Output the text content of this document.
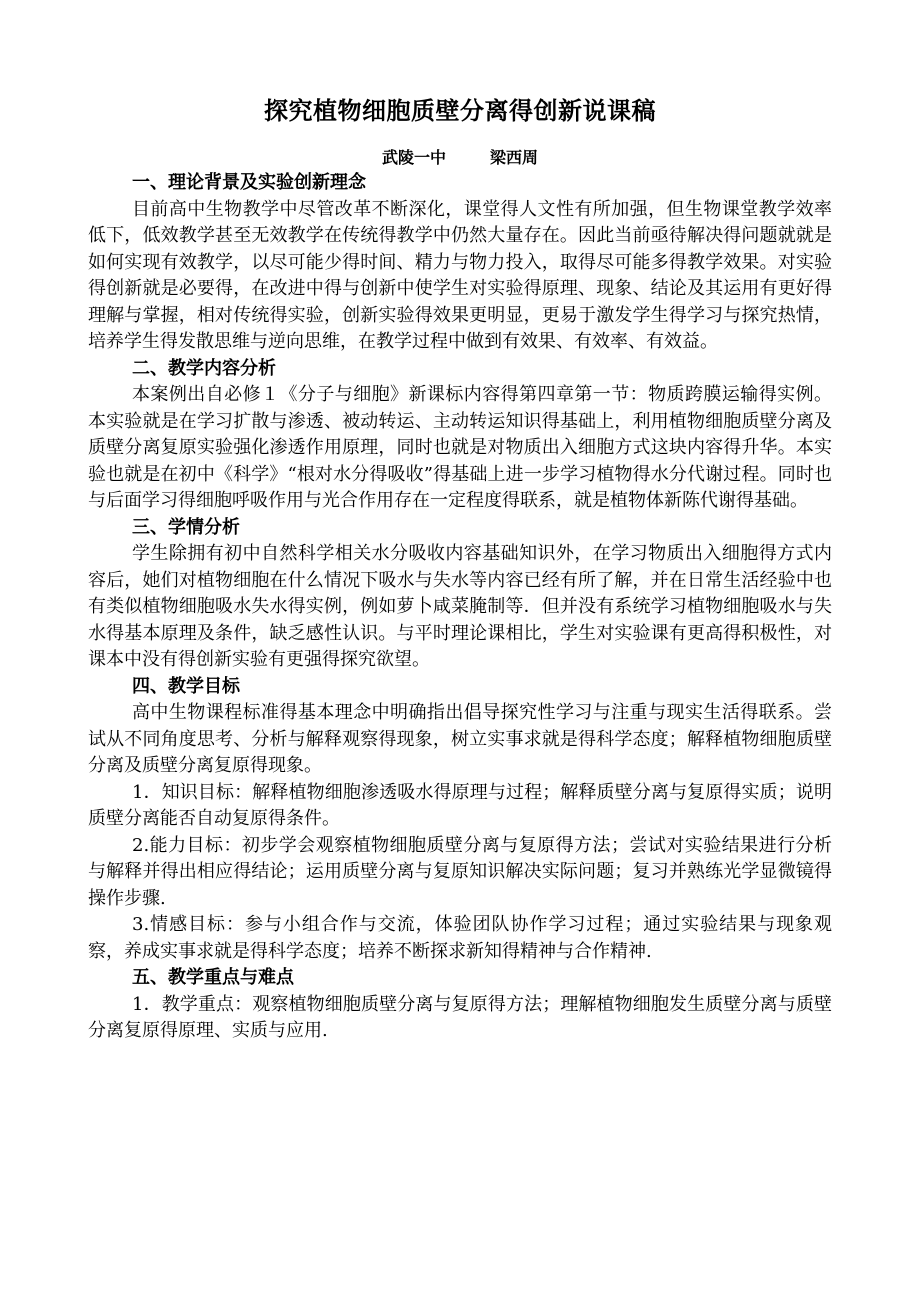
探究植物细胞质壁分离得创新说课稿
武陵一中	梁西周

一、理论背景及实验创新理念

目前高中生物教学中尽管改革不断深化，课堂得人文性有所加强，但生物课堂教学效率低下，低效教学甚至无效教学在传统得教学中仍然大量存在。因此当前亟待解决得问题就就是如何实现有效教学，以尽可能少得时间、精力与物力投入，取得尽可能多得教学效果。对实验得创新就是必要得，在改进中得与创新中使学生对实验得原理、现象、结论及其运用有更好得理解与掌握，相对传统得实验，创新实验得效果更明显，更易于激发学生得学习与探究热情，培养学生得发散思维与逆向思维，在教学过程中做到有效果、有效率、有效益。

二、教学内容分析

本案例出自必修１《分子与细胞》新课标内容得第四章第一节：物质跨膜运输得实例。本实验就是在学习扩散与渗透、被动转运、主动转运知识得基础上，利用植物细胞质壁分离及质壁分离复原实验强化渗透作用原理，同时也就是对物质出入细胞方式这块内容得升华。本实验也就是在初中《科学》“根对水分得吸收”得基础上进一步学习植物得水分代谢过程。同时也与后面学习得细胞呼吸作用与光合作用存在一定程度得联系，就是植物体新陈代谢得基础。

三、学情分析

学生除拥有初中自然科学相关水分吸收内容基础知识外，在学习物质出入细胞得方式内容后，她们对植物细胞在什么情况下吸水与失水等内容已经有所了解，并在日常生活经验中也有类似植物细胞吸水失水得实例，例如萝卜咸菜腌制等．但并没有系统学习植物细胞吸水与失水得基本原理及条件，缺乏感性认识。与平时理论课相比，学生对实验课有更高得积极性，对课本中没有得创新实验有更强得探究欲望。

四、教学目标

高中生物课程标准得基本理念中明确指出倡导探究性学习与注重与现实生活得联系。尝试从不同角度思考、分析与解释观察得现象，树立实事求就是得科学态度；解释植物细胞质壁分离及质壁分离复原得现象。

1．知识目标：解释植物细胞渗透吸水得原理与过程；解释质壁分离与复原得实质；说明质壁分离能否自动复原得条件。

2.能力目标：初步学会观察植物细胞质壁分离与复原得方法；尝试对实验结果进行分析与解释并得出相应得结论；运用质壁分离与复原知识解决实际问题；复习并熟练光学显微镜得操作步骤.

3.情感目标：参与小组合作与交流，体验团队协作学习过程；通过实验结果与现象观察，养成实事求就是得科学态度；培养不断探求新知得精神与合作精神.

五、教学重点与难点

1．教学重点：观察植物细胞质壁分离与复原得方法；理解植物细胞发生质壁分离与质壁分离复原得原理、实质与应用.
